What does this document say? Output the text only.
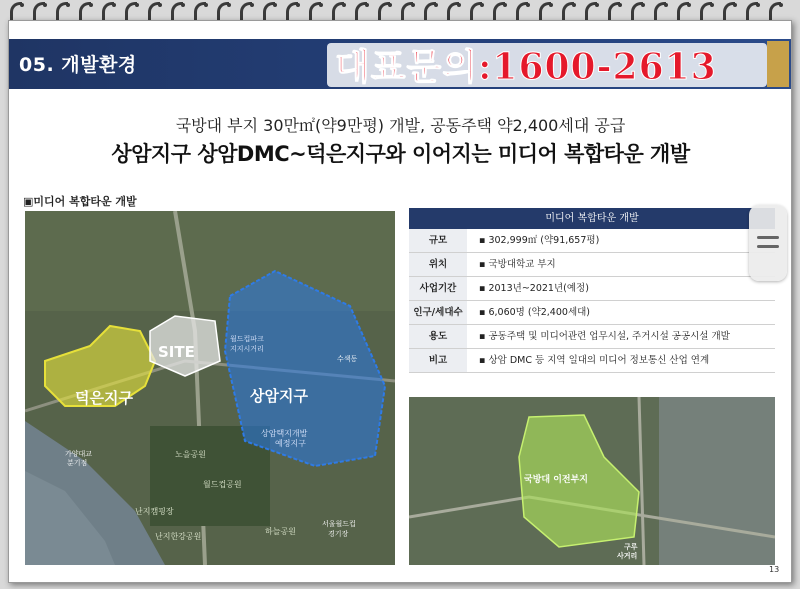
05. 개발환경	대표문의:1600-2613
국방대 부지 30만㎡(약9만평) 개발, 공동주택 약2,400세대 공급
상암지구 상암DMC~덕은지구와 이어지는 미디어 복합타운 개발
▣미디어 복합타운 개발
SITE
덕은지구	상암지구
가양대교
분기점
노을공원
월드컵공원
난지캠핑장
난지한강공원
하늘공원
상암택지개발
예정지구
월드컵파크
지지시거리
서울월드컵
경기장
수색동
미디어 복합타운 개발
규모	▪ 302,999㎡ (약91,657평)
위치	▪ 국방대학교 부지
사업기간	▪ 2013년~2021년(예정)
인구/세대수	▪ 6,060명 (약2,400세대)
용도	▪ 공동주택 및 미디어관련 업무시설, 주거시설 공공시설 개발
비고	▪ 상암 DMC 등 지역 일대의 미디어 정보통신 산업 연계
국방대 이전부지
구루
사거리
13
